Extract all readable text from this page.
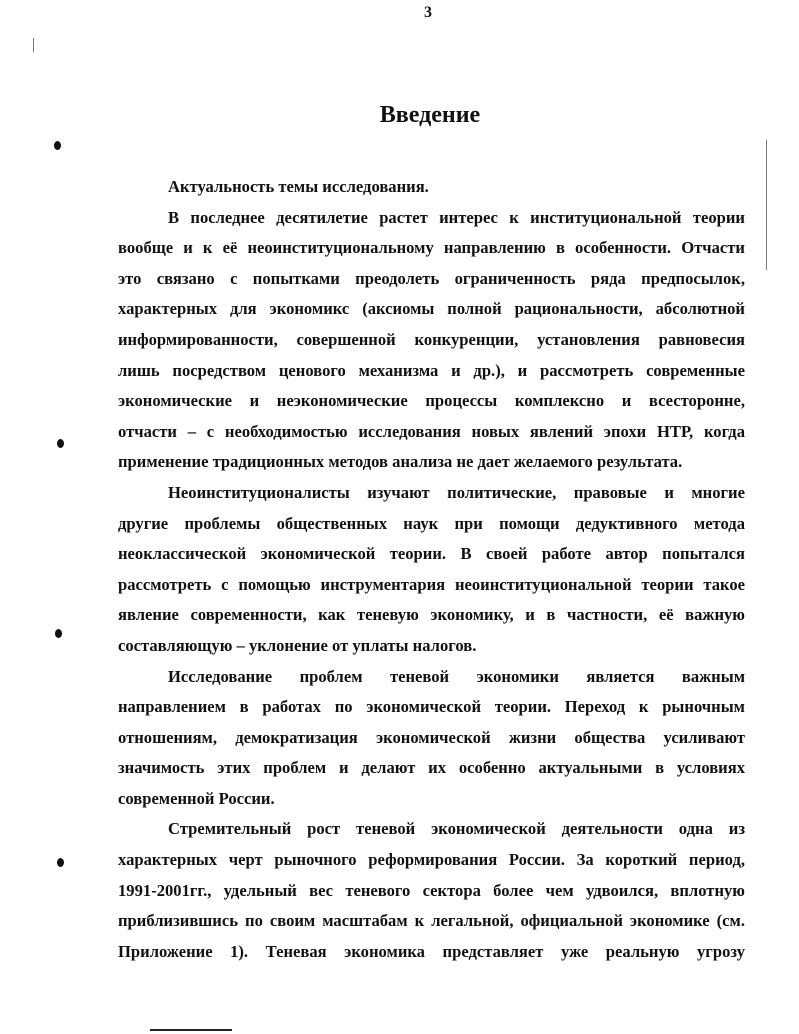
3
Введение
Актуальность темы исследования.
В последнее десятилетие растет интерес к институциональной теории
вообще и к её неоинституциональному направлению в особенности. Отчасти
это связано с попытками преодолеть ограниченность ряда предпосылок,
характерных для экономикс (аксиомы полной рациональности, абсолютной
информированности, совершенной конкуренции, установления равновесия
лишь посредством ценового механизма и др.), и рассмотреть современные
экономические и неэкономические процессы комплексно и всесторонне,
отчасти – с необходимостью исследования новых явлений эпохи НТР, когда
применение традиционных методов анализа не дает желаемого результата.
Неоинституционалисты изучают политические, правовые и многие
другие проблемы общественных наук при помощи дедуктивного метода
неоклассической экономической теории. В своей работе автор попытался
рассмотреть с помощью инструментария неоинституциональной теории такое
явление современности, как теневую экономику, и в частности, её важную
составляющую – уклонение от уплаты налогов.
Исследование проблем теневой экономики является важным
направлением в работах по экономической теории. Переход к рыночным
отношениям, демократизация экономической жизни общества усиливают
значимость этих проблем и делают их особенно актуальными в условиях
современной России.
Стремительный рост теневой экономической деятельности одна из
характерных черт рыночного реформирования России. За короткий период,
1991-2001гг., удельный вес теневого сектора более чем удвоился, вплотную
приблизившись по своим масштабам к легальной, официальной экономике (см.
Приложение 1). Теневая экономика представляет уже реальную угрозу
